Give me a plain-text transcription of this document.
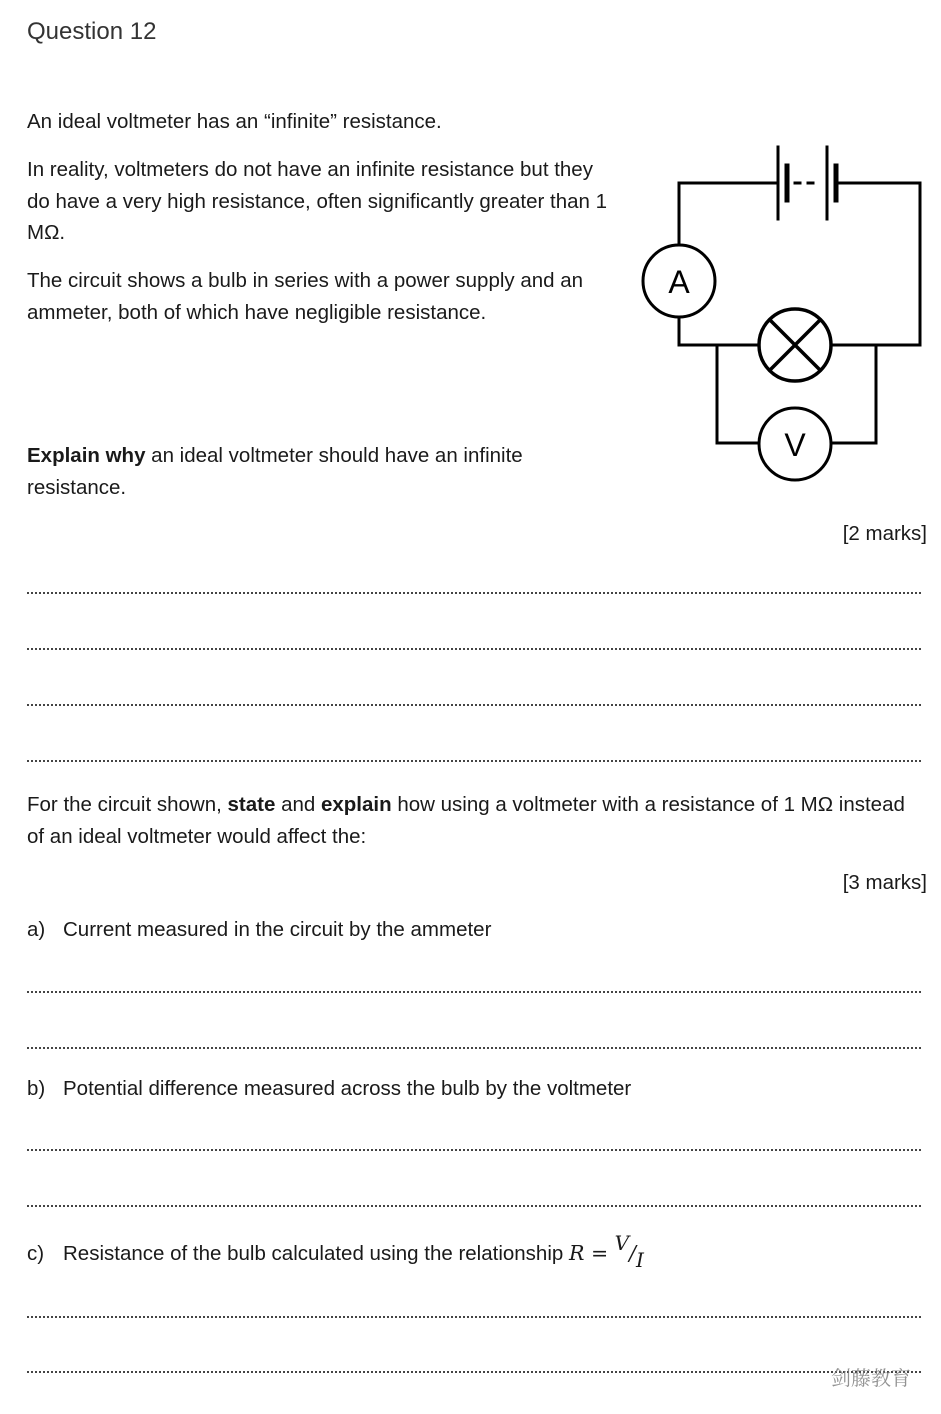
Question 12
An ideal voltmeter has an “infinite” resistance.
In reality, voltmeters do not have an infinite resistance but they do have a very high resistance, often significantly greater than 1 MΩ.
The circuit shows a bulb in series with a power supply and an ammeter, both of which have negligible resistance.
A
V
Explain why an ideal voltmeter should have an infinite resistance.
[2 marks]
For the circuit shown, state and explain how using a voltmeter with a resistance of 1 MΩ instead of an ideal voltmeter would affect the:
[3 marks]
a) Current measured in the circuit by the ammeter
b) Potential difference measured across the bulb by the voltmeter
c) Resistance of the bulb calculated using the relationship R = V/I
剑藤教育
